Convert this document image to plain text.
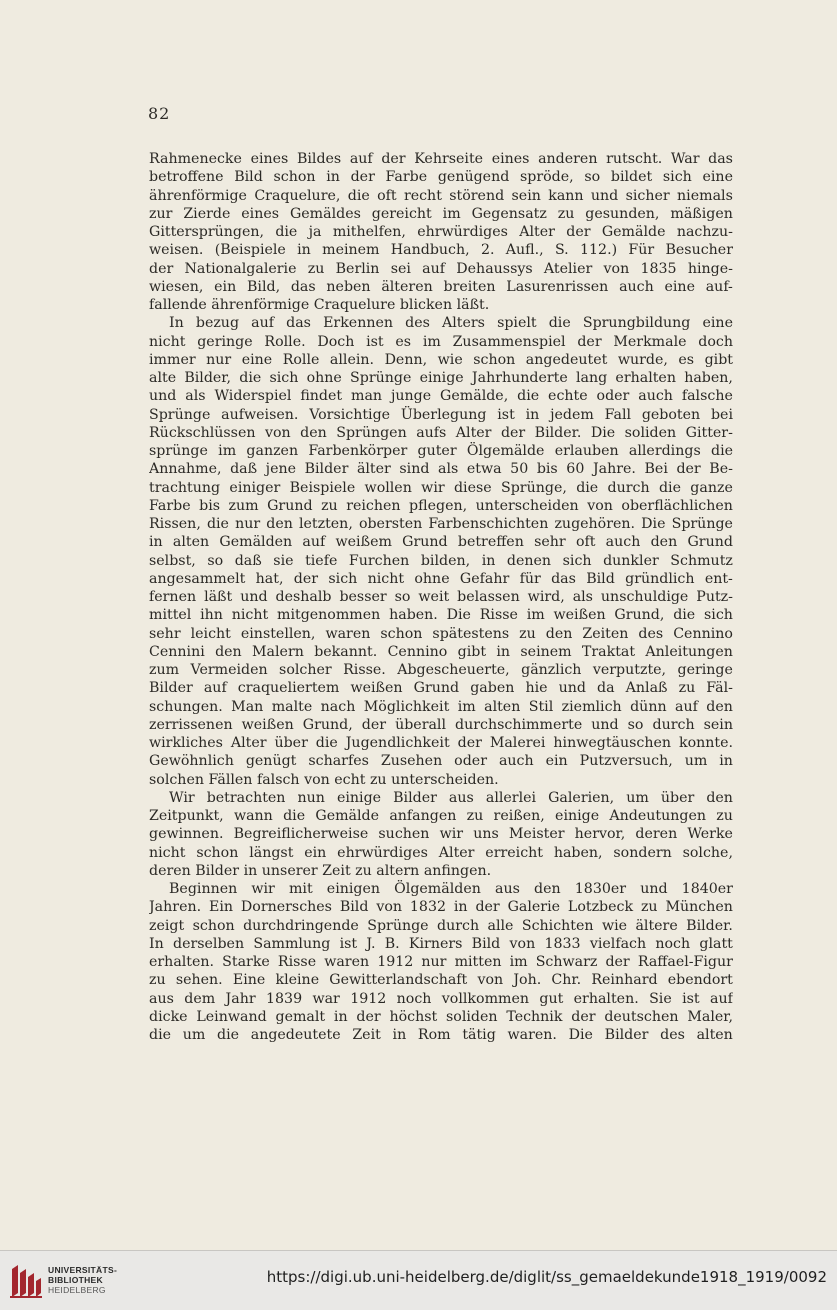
82
Rahmenecke eines Bildes auf der Kehrseite eines anderen rutscht. War das
betroffene Bild schon in der Farbe genügend spröde, so bildet sich eine
ährenförmige Craquelure, die oft recht störend sein kann und sicher niemals
zur Zierde eines Gemäldes gereicht im Gegensatz zu gesunden, mäßigen
Gittersprüngen, die ja mithelfen, ehrwürdiges Alter der Gemälde nachzu-
weisen. (Beispiele in meinem Handbuch, 2. Aufl., S. 112.) Für Besucher
der Nationalgalerie zu Berlin sei auf Dehaussys Atelier von 1835 hinge-
wiesen, ein Bild, das neben älteren breiten Lasurenrissen auch eine auf-
fallende ährenförmige Craquelure blicken läßt.
In bezug auf das Erkennen des Alters spielt die Sprungbildung eine
nicht geringe Rolle. Doch ist es im Zusammenspiel der Merkmale doch
immer nur eine Rolle allein. Denn, wie schon angedeutet wurde, es gibt
alte Bilder, die sich ohne Sprünge einige Jahrhunderte lang erhalten haben,
und als Widerspiel findet man junge Gemälde, die echte oder auch falsche
Sprünge aufweisen. Vorsichtige Überlegung ist in jedem Fall geboten bei
Rückschlüssen von den Sprüngen aufs Alter der Bilder. Die soliden Gitter-
sprünge im ganzen Farbenkörper guter Ölgemälde erlauben allerdings die
Annahme, daß jene Bilder älter sind als etwa 50 bis 60 Jahre. Bei der Be-
trachtung einiger Beispiele wollen wir diese Sprünge, die durch die ganze
Farbe bis zum Grund zu reichen pflegen, unterscheiden von oberflächlichen
Rissen, die nur den letzten, obersten Farbenschichten zugehören. Die Sprünge
in alten Gemälden auf weißem Grund betreffen sehr oft auch den Grund
selbst, so daß sie tiefe Furchen bilden, in denen sich dunkler Schmutz
angesammelt hat, der sich nicht ohne Gefahr für das Bild gründlich ent-
fernen läßt und deshalb besser so weit belassen wird, als unschuldige Putz-
mittel ihn nicht mitgenommen haben. Die Risse im weißen Grund, die sich
sehr leicht einstellen, waren schon spätestens zu den Zeiten des Cennino
Cennini den Malern bekannt. Cennino gibt in seinem Traktat Anleitungen
zum Vermeiden solcher Risse. Abgescheuerte, gänzlich verputzte, geringe
Bilder auf craqueliertem weißen Grund gaben hie und da Anlaß zu Fäl-
schungen. Man malte nach Möglichkeit im alten Stil ziemlich dünn auf den
zerrissenen weißen Grund, der überall durchschimmerte und so durch sein
wirkliches Alter über die Jugendlichkeit der Malerei hinwegtäuschen konnte.
Gewöhnlich genügt scharfes Zusehen oder auch ein Putzversuch, um in
solchen Fällen falsch von echt zu unterscheiden.
Wir betrachten nun einige Bilder aus allerlei Galerien, um über den
Zeitpunkt, wann die Gemälde anfangen zu reißen, einige Andeutungen zu
gewinnen. Begreiflicherweise suchen wir uns Meister hervor, deren Werke
nicht schon längst ein ehrwürdiges Alter erreicht haben, sondern solche,
deren Bilder in unserer Zeit zu altern anfingen.
Beginnen wir mit einigen Ölgemälden aus den 1830er und 1840er
Jahren. Ein Dornersches Bild von 1832 in der Galerie Lotzbeck zu München
zeigt schon durchdringende Sprünge durch alle Schichten wie ältere Bilder.
In derselben Sammlung ist J. B. Kirners Bild von 1833 vielfach noch glatt
erhalten. Starke Risse waren 1912 nur mitten im Schwarz der Raffael-Figur
zu sehen. Eine kleine Gewitterlandschaft von Joh. Chr. Reinhard ebendort
aus dem Jahr 1839 war 1912 noch vollkommen gut erhalten. Sie ist auf
dicke Leinwand gemalt in der höchst soliden Technik der deutschen Maler,
die um die angedeutete Zeit in Rom tätig waren. Die Bilder des alten
UNIVERSITÄTS-
BIBLIOTHEK
HEIDELBERG
https://digi.ub.uni-heidelberg.de/diglit/ss_gemaeldekunde1918_1919/0092
